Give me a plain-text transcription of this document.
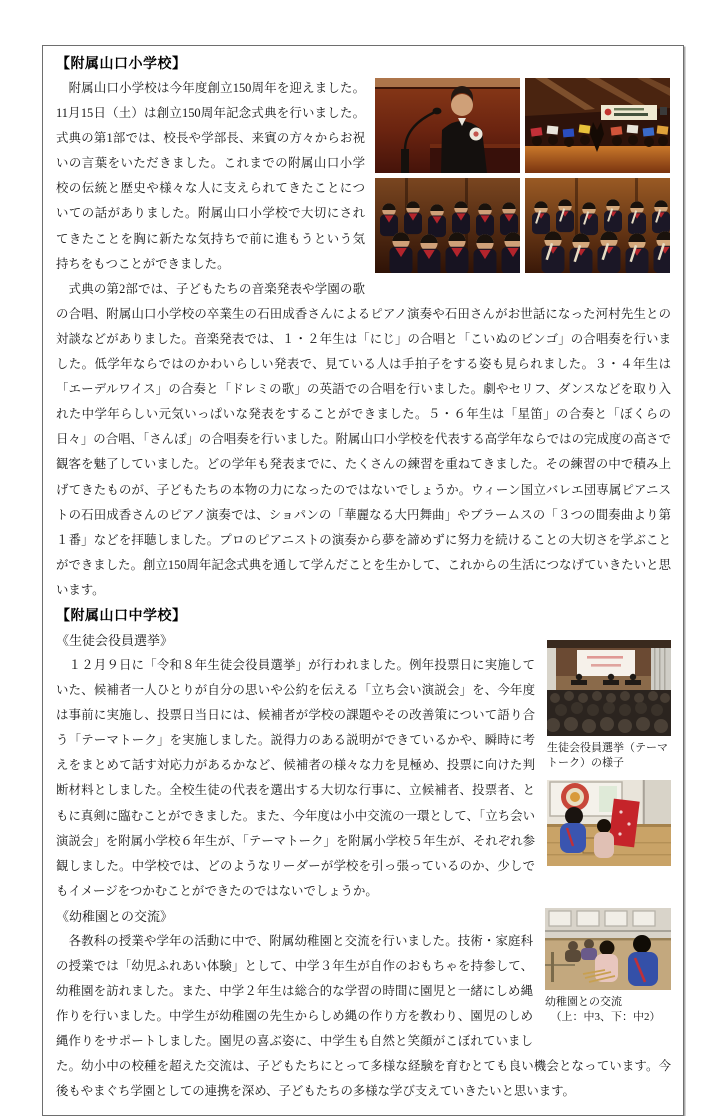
【附属山口小学校】

　附属山口小学校は今年度創立150周年を迎えました。11月15日（土）は創立150周年記念式典を行いました。式典の第1部では、校長や学部長、来賓の方々からお祝いの言葉をいただきました。これまでの附属山口小学校の伝統と歴史や様々な人に支えられてきたことについての話がありました。附属山口小学校で大切にされてきたことを胸に新たな気持ちで前に進もうという気持ちをもつことができました。

　式典の第2部では、子どもたちの音楽発表や学園の歌の合唱、附属山口小学校の卒業生の石田成香さんによるピアノ演奏や石田さんがお世話になった河村先生との対談などがありました。音楽発表では、１・２年生は「にじ」の合唱と「こいぬのビンゴ」の合唱奏を行いました。低学年ならではのかわいらしい発表で、見ている人は手拍子をする姿も見られました。３・４年生は「エーデルワイス」の合奏と「ドレミの歌」の英語での合唱を行いました。劇やセリフ、ダンスなどを取り入れた中学年らしい元気いっぱいな発表をすることができました。５・６年生は「星笛」の合奏と「ぼくらの日々」の合唱、「さんぽ」の合唱奏を行いました。附属山口小学校を代表する高学年ならではの完成度の高さで観客を魅了していました。どの学年も発表までに、たくさんの練習を重ねてきました。その練習の中で積み上げてきたものが、子どもたちの本物の力になったのではないでしょうか。ウィーン国立バレエ団専属ピアニストの石田成香さんのピアノ演奏では、ショパンの「華麗なる大円舞曲」やブラームスの「３つの間奏曲より第１番」などを拝聴しました。プロのピアニストの演奏から夢を諦めずに努力を続けることの大切さを学ぶことができました。創立150周年記念式典を通して学んだことを生かして、これからの生活につなげていきたいと思います。

【附属山口中学校】
生徒会役員選挙（テーマ
トーク）の様子

《生徒会役員選挙》

　１２月９日に「令和８年生徒会役員選挙」が行われました。例年投票日に実施していた、候補者一人ひとりが自分の思いや公約を伝える「立ち会い演説会」を、今年度は事前に実施し、投票日当日には、候補者が学校の課題やその改善策について語り合う「テーマトーク」を実施しました。説得力のある説明ができているかや、瞬時に考えをまとめて話す対応力があるかなど、候補者の様々な力を見極め、投票に向けた判断材料としました。全校生徒の代表を選出する大切な行事に、立候補者、投票者、ともに真剣に臨むことができました。また、今年度は小中交流の一環として、「立ち会い演説会」を附属小学校６年生が、「テーマトーク」を附属小学校５年生が、それぞれ参観しました。中学校では、どのようなリーダーが学校を引っ張っているのか、少しでもイメージをつかむことができたのではないでしょうか。

幼稚園との交流
　（上：中3、下：中2）

《幼稚園との交流》

　各教科の授業や学年の活動に中で、附属幼稚園と交流を行いました。技術・家庭科の授業では「幼児ふれあい体験」として、中学３年生が自作のおもちゃを持参して、幼稚園を訪れました。また、中学２年生は総合的な学習の時間に園児と一緒にしめ縄作りを行いました。中学生が幼稚園の先生からしめ縄の作り方を教わり、園児のしめ縄作りをサポートしました。園児の喜ぶ姿に、中学生も自然と笑顔がこぼれていました。幼小中の校種を超えた交流は、子どもたちにとって多様な経験を育むとても良い機会となっています。今後もやまぐち学園としての連携を深め、子どもたちの多様な学び支えていきたいと思います。
